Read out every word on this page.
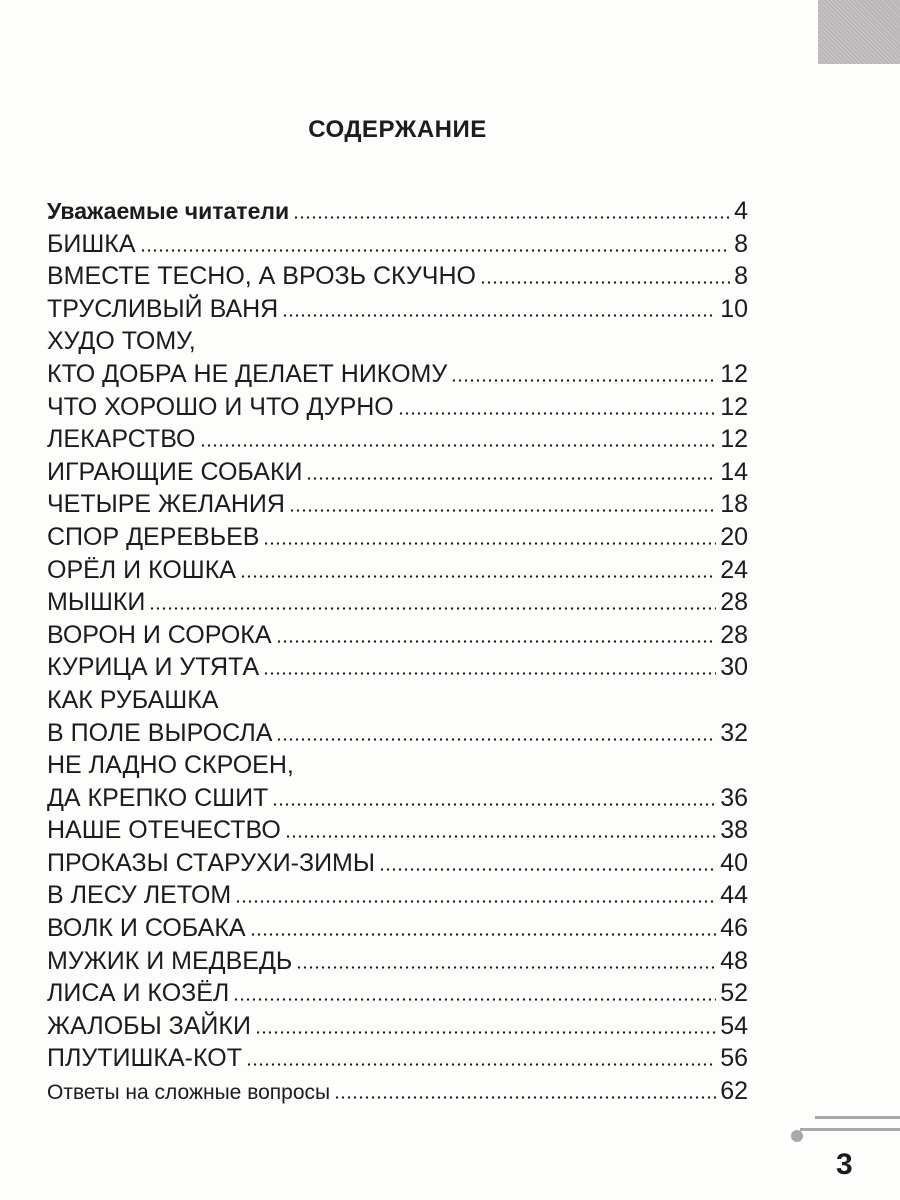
СОДЕРЖАНИЕ
Уважаемые читатели	4
БИШКА	8
ВМЕСТЕ ТЕСНО, А ВРОЗЬ СКУЧНО	8
ТРУСЛИВЫЙ ВАНЯ	10
ХУДО ТОМУ,
КТО ДОБРА НЕ ДЕЛАЕТ НИКОМУ	12
ЧТО ХОРОШО И ЧТО ДУРНО	12
ЛЕКАРСТВО	12
ИГРАЮЩИЕ СОБАКИ	14
ЧЕТЫРЕ ЖЕЛАНИЯ	18
СПОР ДЕРЕВЬЕВ	20
ОРЁЛ И КОШКА	24
МЫШКИ	28
ВОРОН И СОРОКА	28
КУРИЦА И УТЯТА	30
КАК РУБАШКА
В ПОЛЕ ВЫРОСЛА	32
НЕ ЛАДНО СКРОЕН,
ДА КРЕПКО СШИТ	36
НАШЕ ОТЕЧЕСТВО	38
ПРОКАЗЫ СТАРУХИ-ЗИМЫ	40
В ЛЕСУ ЛЕТОМ	44
ВОЛК И СОБАКА	46
МУЖИК И МЕДВЕДЬ	48
ЛИСА И КОЗЁЛ	52
ЖАЛОБЫ ЗАЙКИ	54
ПЛУТИШКА-КОТ	56
Ответы на сложные вопросы	62
3
